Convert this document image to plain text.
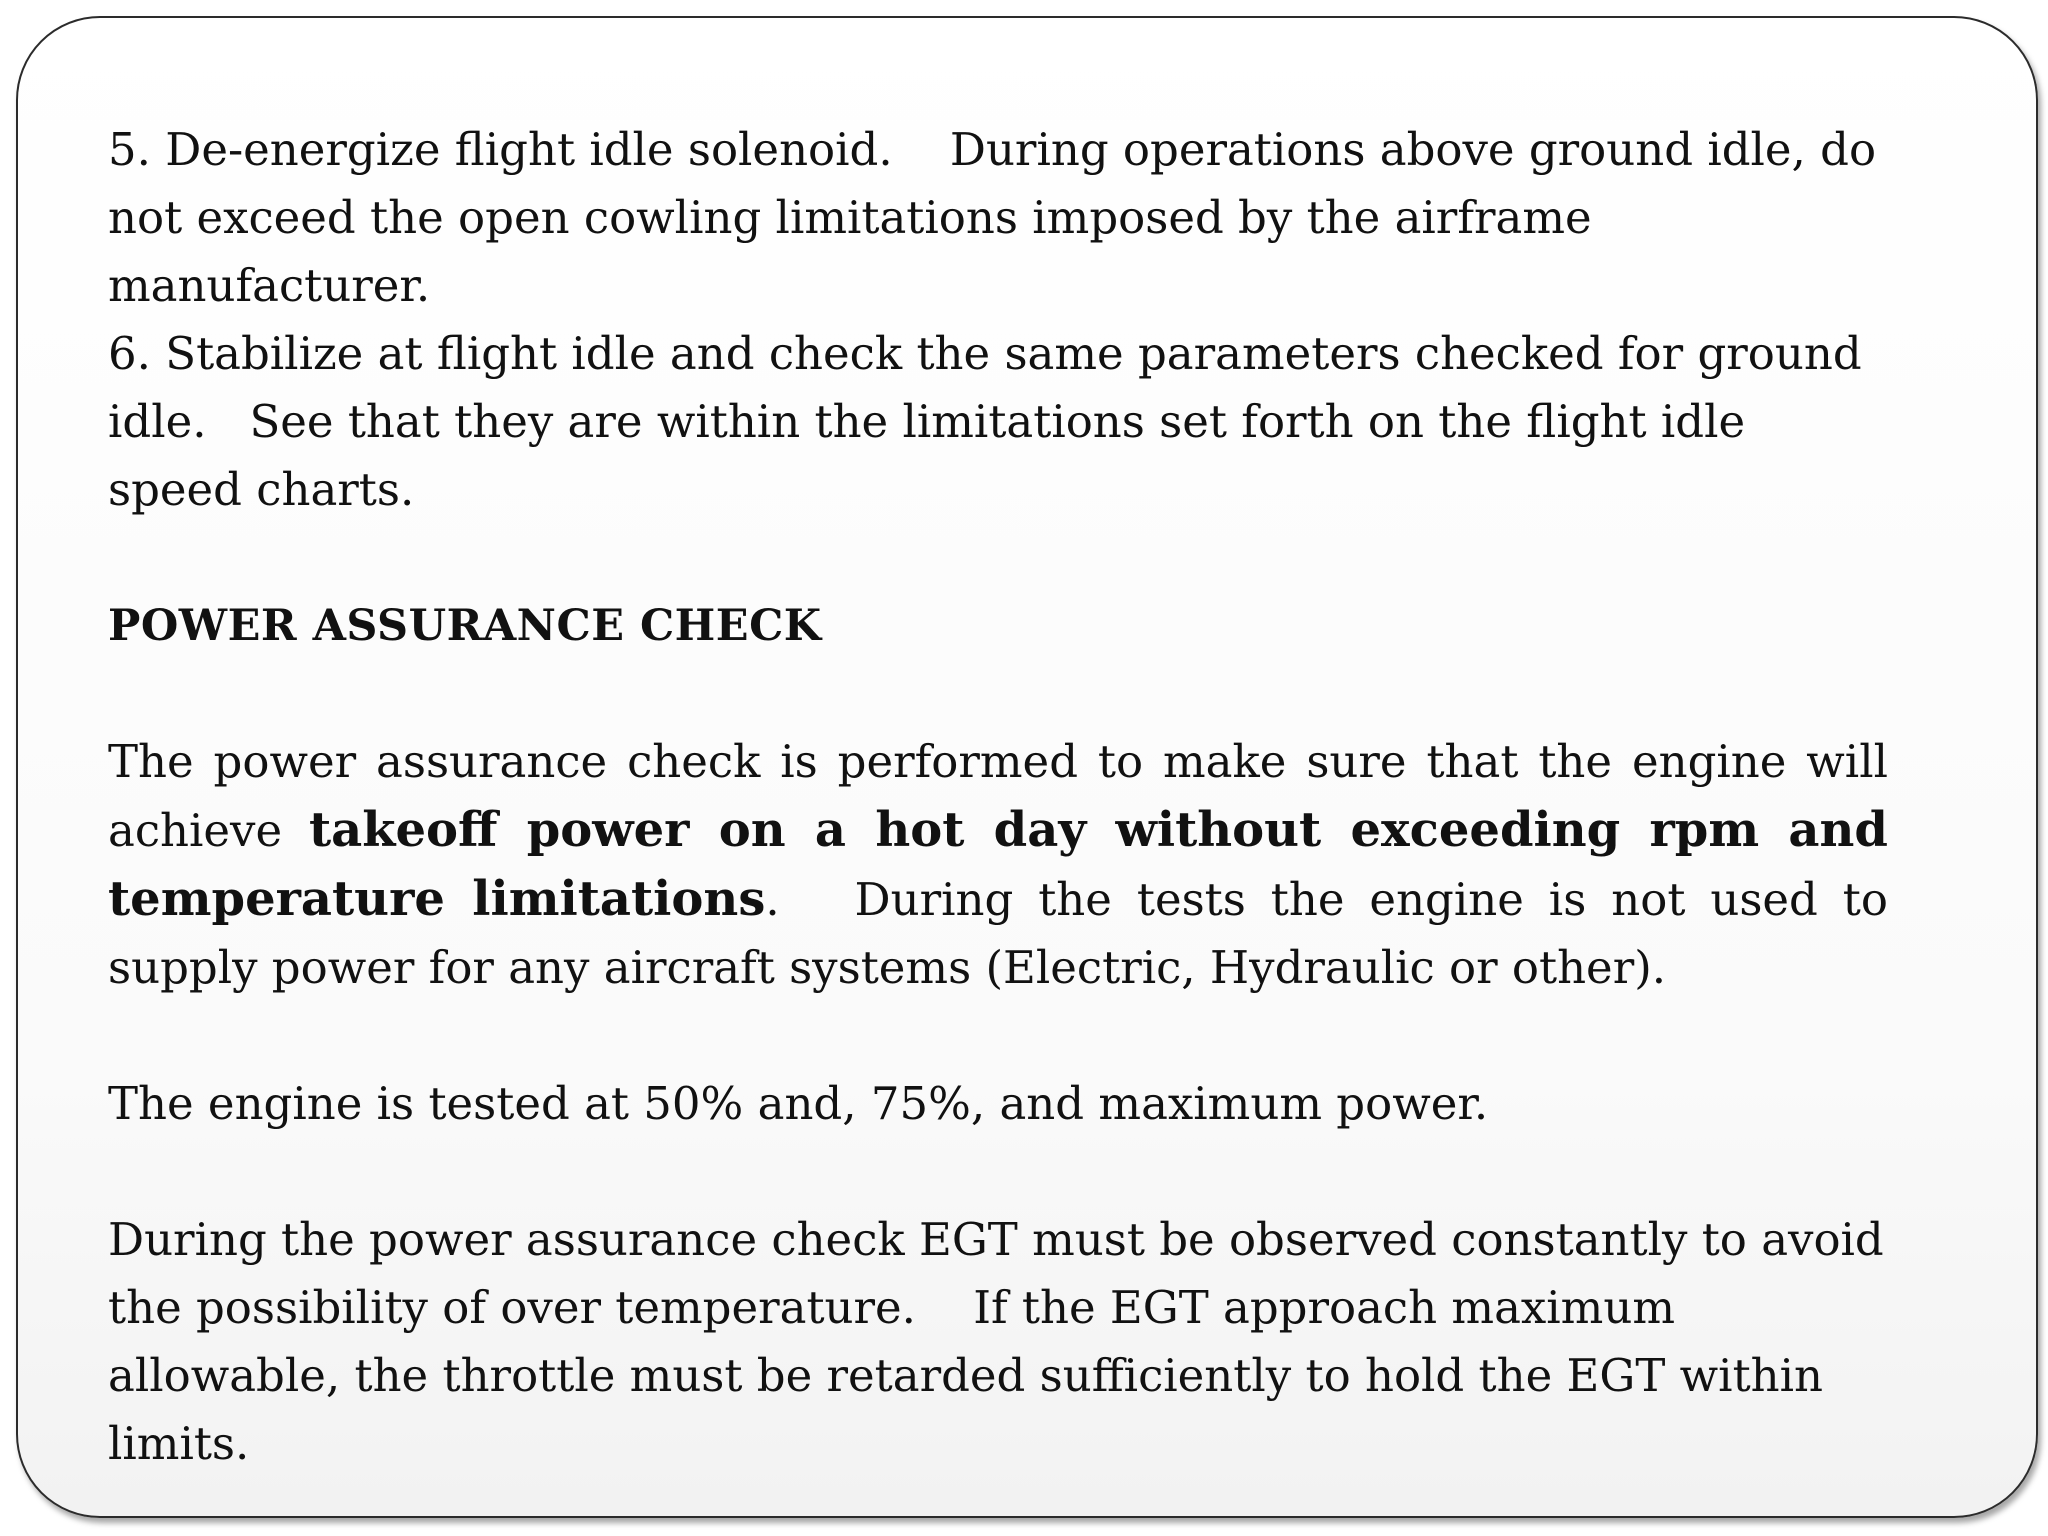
5. De-energize flight idle solenoid. During operations above ground idle, do not exceed the open cowling limitations imposed by the airframe manufacturer.

6. Stabilize at flight idle and check the same parameters checked for ground idle. See that they are within the limitations set forth on the flight idle speed charts.

POWER ASSURANCE CHECK

The power assurance check is performed to make sure that the engine will achieve takeoff power on a hot day without exceeding rpm and temperature limitations. During the tests the engine is not used to supply power for any aircraft systems (Electric, Hydraulic or other).

The engine is tested at 50% and, 75%, and maximum power.

During the power assurance check EGT must be observed constantly to avoid the possibility of over temperature. If the EGT approach maximum allowable, the throttle must be retarded sufficiently to hold the EGT within limits.
